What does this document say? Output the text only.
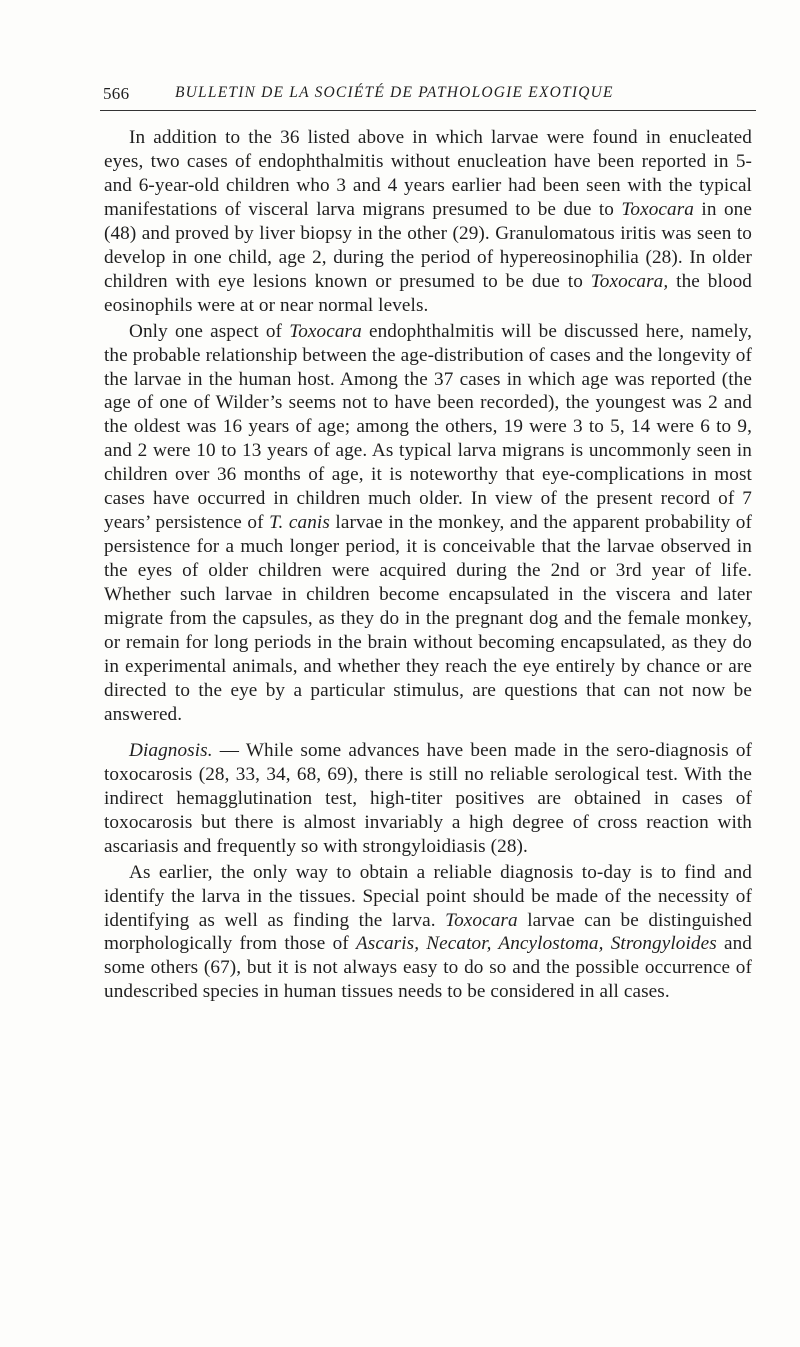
566	BULLETIN DE LA SOCIÉTÉ DE PATHOLOGIE EXOTIQUE

In addition to the 36 listed above in which larvae were found in enucleated eyes, two cases of endophthalmitis without enucleation have been reported in 5- and 6-year-old children who 3 and 4 years earlier had been seen with the typical manifestations of visceral larva migrans presumed to be due to Toxocara in one (48) and proved by liver biopsy in the other (29). Granulomatous iritis was seen to develop in one child, age 2, during the period of hypereosinophilia (28). In older children with eye lesions known or presumed to be due to Toxocara, the blood eosinophils were at or near normal levels.

Only one aspect of Toxocara endophthalmitis will be discussed here, namely, the probable relationship between the age-distribution of cases and the longevity of the larvae in the human host. Among the 37 cases in which age was reported (the age of one of Wilder’s seems not to have been recorded), the youngest was 2 and the oldest was 16 years of age; among the others, 19 were 3 to 5, 14 were 6 to 9, and 2 were 10 to 13 years of age. As typical larva migrans is uncommonly seen in children over 36 months of age, it is noteworthy that eye-complications in most cases have occurred in children much older. In view of the present record of 7 years’ persistence of T. canis larvae in the monkey, and the apparent probability of persistence for a much longer period, it is conceivable that the larvae observed in the eyes of older children were acquired during the 2nd or 3rd year of life. Whether such larvae in children become encapsulated in the viscera and later migrate from the capsules, as they do in the pregnant dog and the female monkey, or remain for long periods in the brain without becoming encapsulated, as they do in experimental animals, and whether they reach the eye entirely by chance or are directed to the eye by a particular stimulus, are questions that can not now be answered.

Diagnosis. — While some advances have been made in the sero-diagnosis of toxocarosis (28, 33, 34, 68, 69), there is still no reliable serological test. With the indirect hemagglutination test, high-titer positives are obtained in cases of toxocarosis but there is almost invariably a high degree of cross reaction with ascariasis and frequently so with strongyloidiasis (28).

As earlier, the only way to obtain a reliable diagnosis to-day is to find and identify the larva in the tissues. Special point should be made of the necessity of identifying as well as finding the larva. Toxocara larvae can be distinguished morphologically from those of Ascaris, Necator, Ancylostoma, Strongyloides and some others (67), but it is not always easy to do so and the possible occurrence of undescribed species in human tissues needs to be considered in all cases.
